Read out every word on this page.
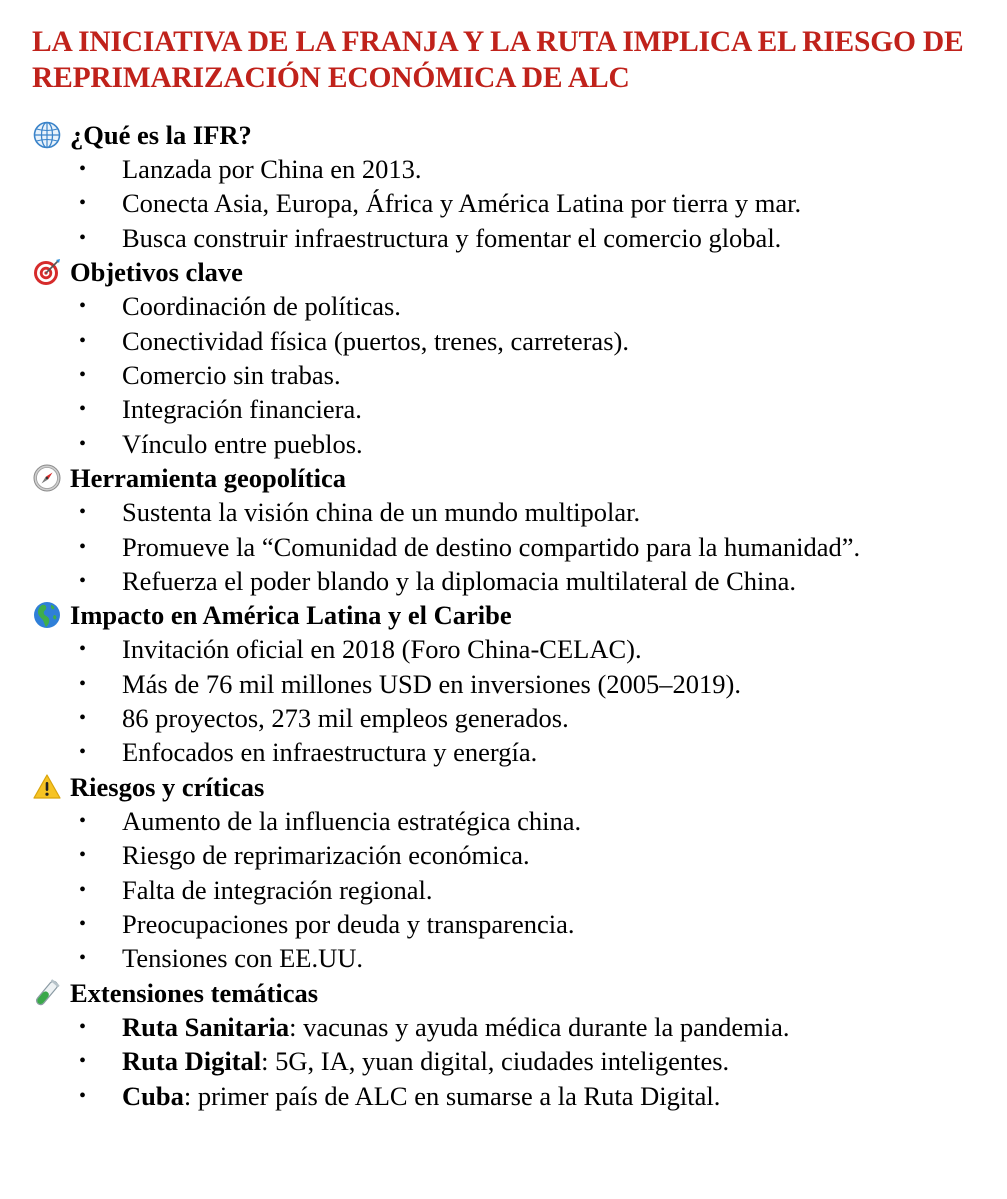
LA INICIATIVA DE LA FRANJA Y LA RUTA IMPLICA EL RIESGO DE REPRIMARIZACIÓN ECONÓMICA DE ALC
¿Qué es la IFR?
• Lanzada por China en 2013.
• Conecta Asia, Europa, África y América Latina por tierra y mar.
• Busca construir infraestructura y fomentar el comercio global.
Objetivos clave
• Coordinación de políticas.
• Conectividad física (puertos, trenes, carreteras).
• Comercio sin trabas.
• Integración financiera.
• Vínculo entre pueblos.
Herramienta geopolítica
• Sustenta la visión china de un mundo multipolar.
• Promueve la “Comunidad de destino compartido para la humanidad”.
• Refuerza el poder blando y la diplomacia multilateral de China.
Impacto en América Latina y el Caribe
• Invitación oficial en 2018 (Foro China-CELAC).
• Más de 76 mil millones USD en inversiones (2005–2019).
• 86 proyectos, 273 mil empleos generados.
• Enfocados en infraestructura y energía.
Riesgos y críticas
• Aumento de la influencia estratégica china.
• Riesgo de reprimarización económica.
• Falta de integración regional.
• Preocupaciones por deuda y transparencia.
• Tensiones con EE.UU.
Extensiones temáticas
• Ruta Sanitaria: vacunas y ayuda médica durante la pandemia.
• Ruta Digital: 5G, IA, yuan digital, ciudades inteligentes.
• Cuba: primer país de ALC en sumarse a la Ruta Digital.
